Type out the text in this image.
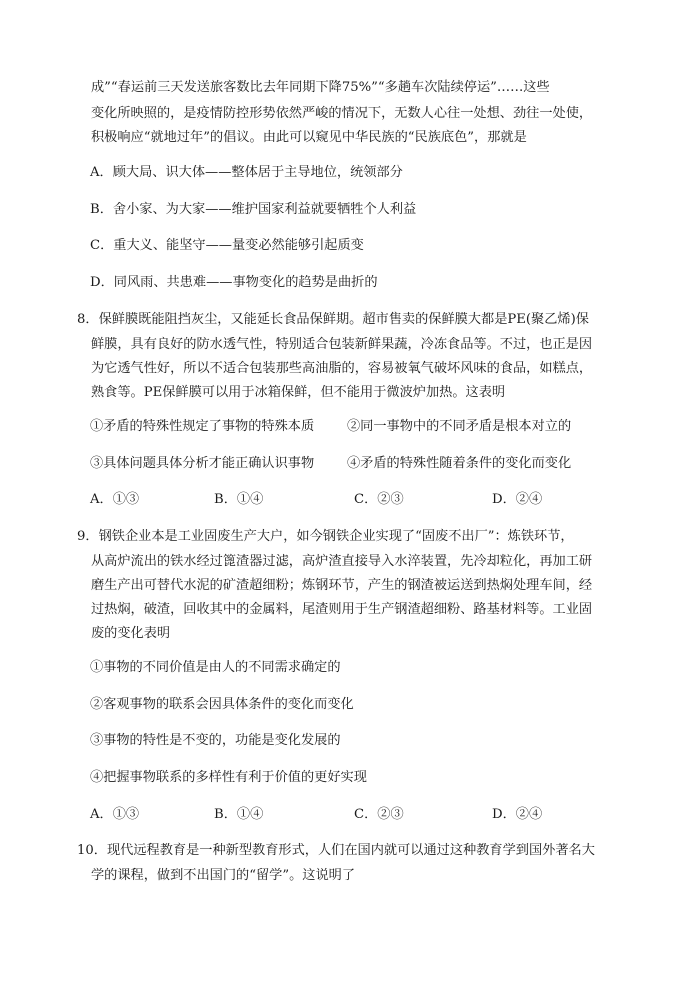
成”“春运前三天发送旅客数比去年同期下降75%”“多趟车次陆续停运”……这些
变化所映照的，是疫情防控形势依然严峻的情况下，无数人心往一处想、劲往一处使，
积极响应“就地过年”的倡议。由此可以窥见中华民族的“民族底色”，那就是
A．顾大局、识大体——整体居于主导地位，统领部分
B．舍小家、为大家——维护国家利益就要牺牲个人利益
C．重大义、能坚守——量变必然能够引起质变
D．同风雨、共患难——事物变化的趋势是曲折的
8．保鲜膜既能阻挡灰尘，又能延长食品保鲜期。超市售卖的保鲜膜大都是PE(聚乙烯)保
鲜膜，具有良好的防水透气性，特别适合包装新鲜果蔬，冷冻食品等。不过，也正是因
为它透气性好，所以不适合包装那些高油脂的，容易被氧气破坏风味的食品，如糕点，
熟食等。PE保鲜膜可以用于冰箱保鲜，但不能用于微波炉加热。这表明
①矛盾的特殊性规定了事物的特殊本质 ②同一事物中的不同矛盾是根本对立的
③具体问题具体分析才能正确认识事物 ④矛盾的特殊性随着条件的变化而变化
A．①③	B．①④	C．②③	D．②④
9．钢铁企业本是工业固废生产大户，如今钢铁企业实现了“固废不出厂”：炼铁环节，
从高炉流出的铁水经过篦渣器过滤，高炉渣直接导入水淬装置，先冷却粒化，再加工研
磨生产出可替代水泥的矿渣超细粉；炼钢环节，产生的钢渣被运送到热焖处理车间，经
过热焖，破渣，回收其中的金属料，尾渣则用于生产钢渣超细粉、路基材料等。工业固
废的变化表明
①事物的不同价值是由人的不同需求确定的
②客观事物的联系会因具体条件的变化而变化
③事物的特性是不变的，功能是变化发展的
④把握事物联系的多样性有利于价值的更好实现
A．①③	B．①④	C．②③	D．②④
10．现代远程教育是一种新型教育形式，人们在国内就可以通过这种教育学到国外著名大
学的课程，做到不出国门的“留学”。这说明了
